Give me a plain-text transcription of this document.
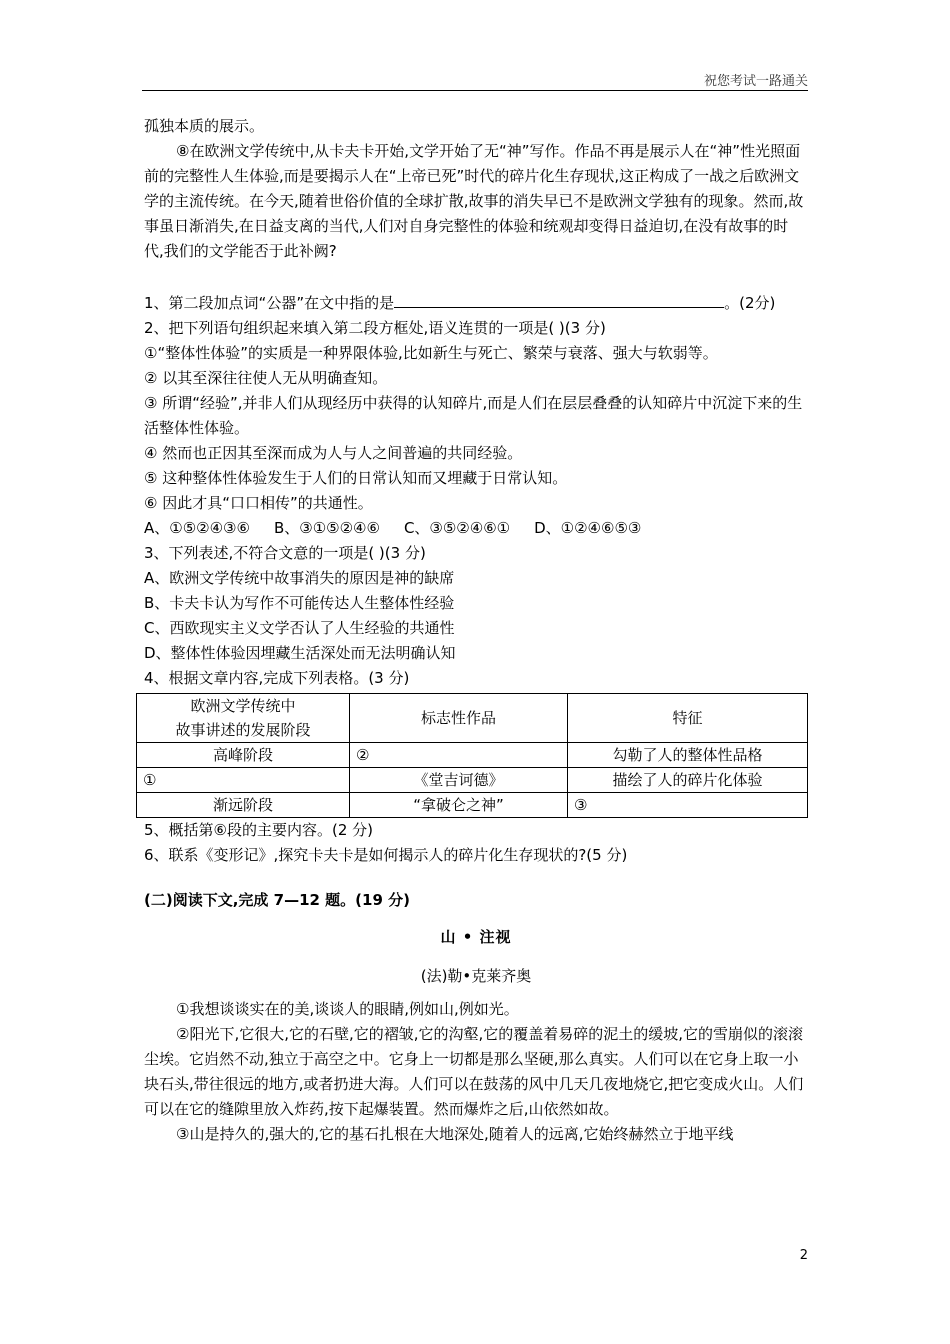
祝您考试一路通关

孤独本质的展示。

⑧在欧洲文学传统中,从卡夫卡开始,文学开始了无“神”写作。作品不再是展示人在“神”性光照面前的完整性人生体验,而是要揭示人在“上帝已死”时代的碎片化生存现状,这正构成了一战之后欧洲文学的主流传统。在今天,随着世俗价值的全球扩散,故事的消失早已不是欧洲文学独有的现象。然而,故事虽日渐消失,在日益支离的当代,人们对自身完整性的体验和统观却变得日益迫切,在没有故事的时代,我们的文学能否于此补阙?

1、第二段加点词“公器”在文中指的是	。(2分)

2、把下列语句组织起来填入第二段方框处,语义连贯的一项是( )(3 分)

①“整体性体验”的实质是一种界限体验,比如新生与死亡、繁荣与衰落、强大与软弱等。

② 以其至深往往使人无从明确查知。

③ 所谓“经验”,并非人们从现经历中获得的认知碎片,而是人们在层层叠叠的认知碎片中沉淀下来的生活整体性体验。

④ 然而也正因其至深而成为人与人之间普遍的共同经验。

⑤ 这种整体性体验发生于人们的日常认知而又埋藏于日常认知。

⑥ 因此才具“口口相传”的共通性。

A、①⑤②④③⑥ B、③①⑤②④⑥ C、③⑤②④⑥① D、①②④⑥⑤③

3、下列表述,不符合文意的一项是( )(3 分)

A、欧洲文学传统中故事消失的原因是神的缺席

B、卡夫卡认为写作不可能传达人生整体性经验

C、西欧现实主义文学否认了人生经验的共通性

D、整体性体验因埋藏生活深处而无法明确认知

4、根据文章内容,完成下列表格。(3 分)

欧洲文学传统中
故事讲述的发展阶段	标志性作品	特征
高峰阶段	②	勾勒了人的整体性品格
①	《堂吉诃德》	描绘了人的碎片化体验
渐远阶段	“拿破仑之神”	③

5、概括第⑥段的主要内容。(2 分)

6、联系《变形记》,探究卡夫卡是如何揭示人的碎片化生存现状的?(5 分)

(二)阅读下文,完成 7—12 题。(19 分)

山 • 注视

(法)勒•克莱齐奥

①我想谈谈实在的美,谈谈人的眼睛,例如山,例如光。

②阳光下,它很大,它的石壁,它的褶皱,它的沟壑,它的覆盖着易碎的泥土的缓坡,它的雪崩似的滚滚尘埃。它岿然不动,独立于高空之中。它身上一切都是那么坚硬,那么真实。人们可以在它身上取一小块石头,带往很远的地方,或者扔进大海。人们可以在鼓荡的风中几天几夜地烧它,把它变成火山。人们可以在它的缝隙里放入炸药,按下起爆装置。然而爆炸之后,山依然如故。

③山是持久的,强大的,它的基石扎根在大地深处,随着人的远离,它始终赫然立于地平线

2
